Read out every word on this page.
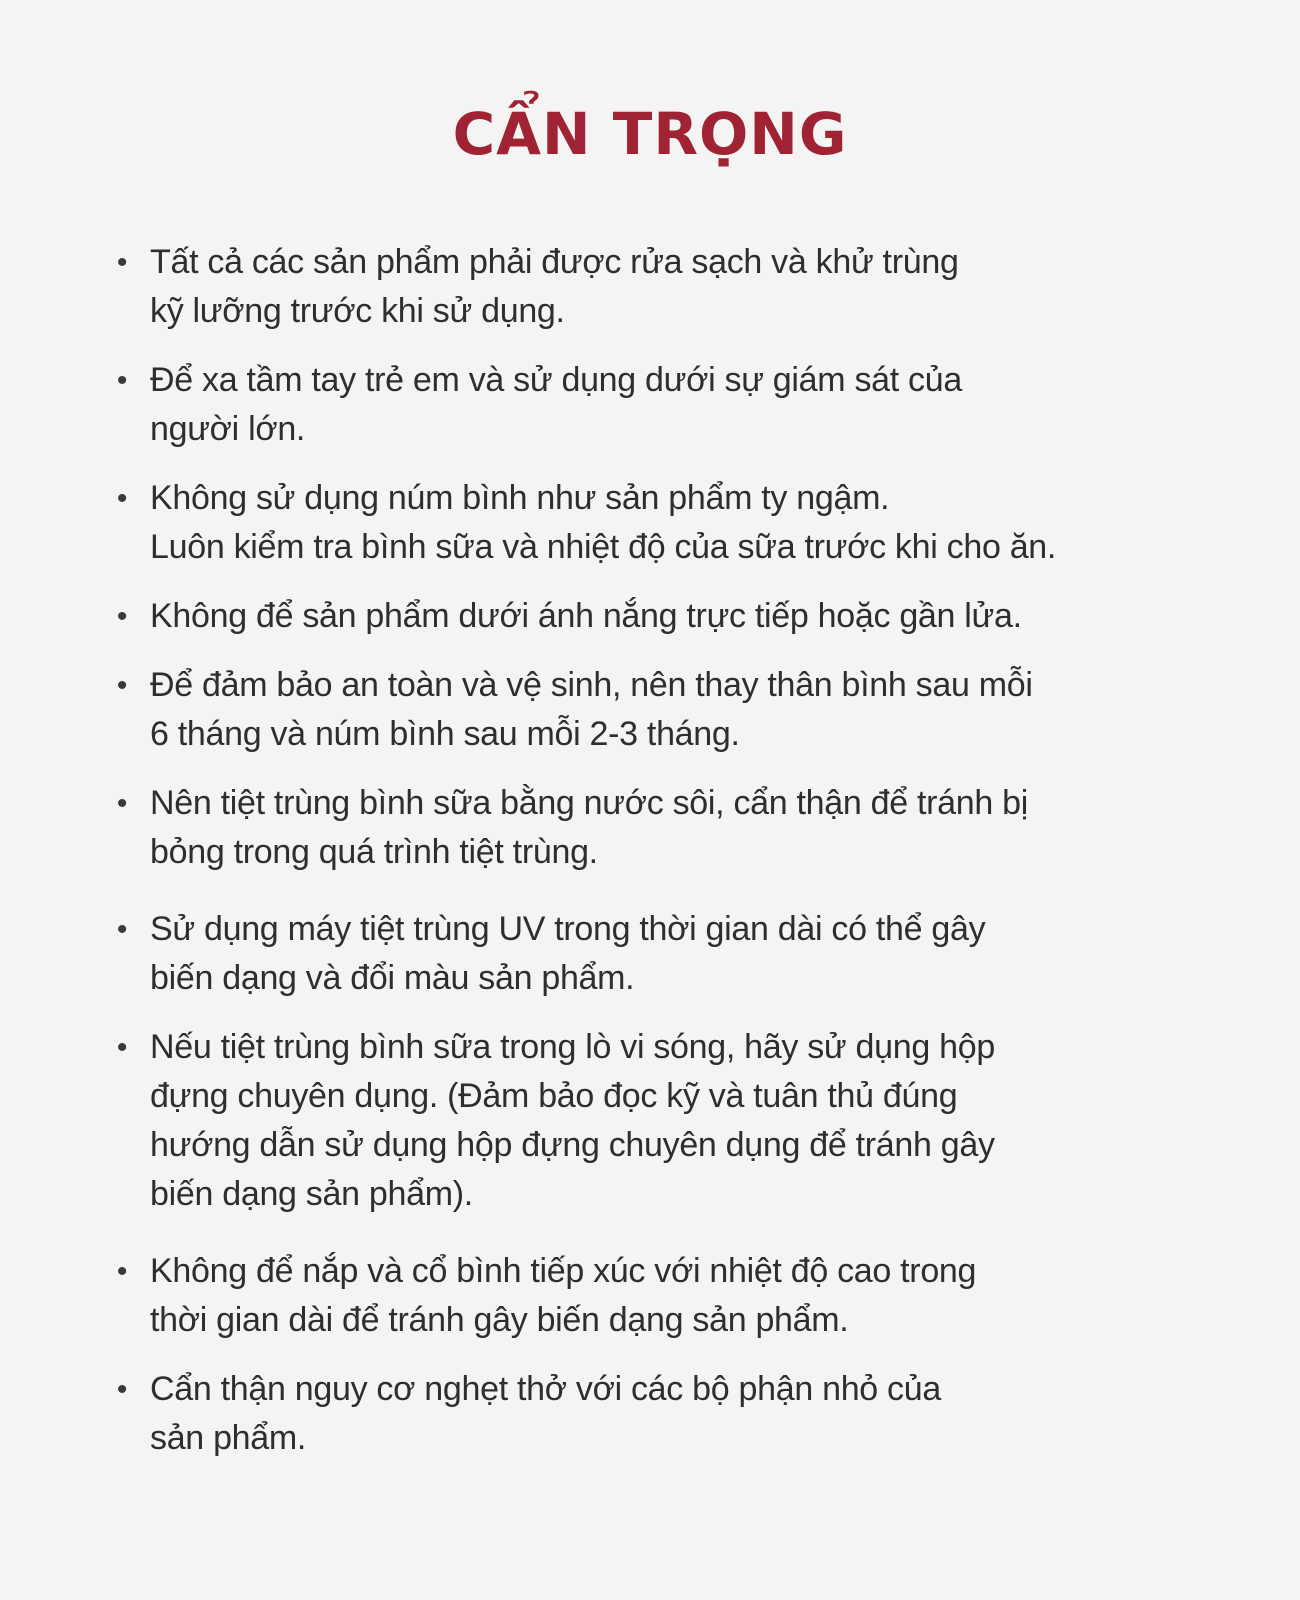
CẨN TRỌNG
• Tất cả các sản phẩm phải được rửa sạch và khử trùng
kỹ lưỡng trước khi sử dụng.
• Để xa tầm tay trẻ em và sử dụng dưới sự giám sát của
người lớn.
• Không sử dụng núm bình như sản phẩm ty ngậm.
Luôn kiểm tra bình sữa và nhiệt độ của sữa trước khi cho ăn.
• Không để sản phẩm dưới ánh nắng trực tiếp hoặc gần lửa.
• Để đảm bảo an toàn và vệ sinh, nên thay thân bình sau mỗi
6 tháng và núm bình sau mỗi 2-3 tháng.
• Nên tiệt trùng bình sữa bằng nước sôi, cẩn thận để tránh bị
bỏng trong quá trình tiệt trùng.
• Sử dụng máy tiệt trùng UV trong thời gian dài có thể gây
biến dạng và đổi màu sản phẩm.
• Nếu tiệt trùng bình sữa trong lò vi sóng, hãy sử dụng hộp
đựng chuyên dụng. (Đảm bảo đọc kỹ và tuân thủ đúng
hướng dẫn sử dụng hộp đựng chuyên dụng để tránh gây
biến dạng sản phẩm).
• Không để nắp và cổ bình tiếp xúc với nhiệt độ cao trong
thời gian dài để tránh gây biến dạng sản phẩm.
• Cẩn thận nguy cơ nghẹt thở với các bộ phận nhỏ của
sản phẩm.
